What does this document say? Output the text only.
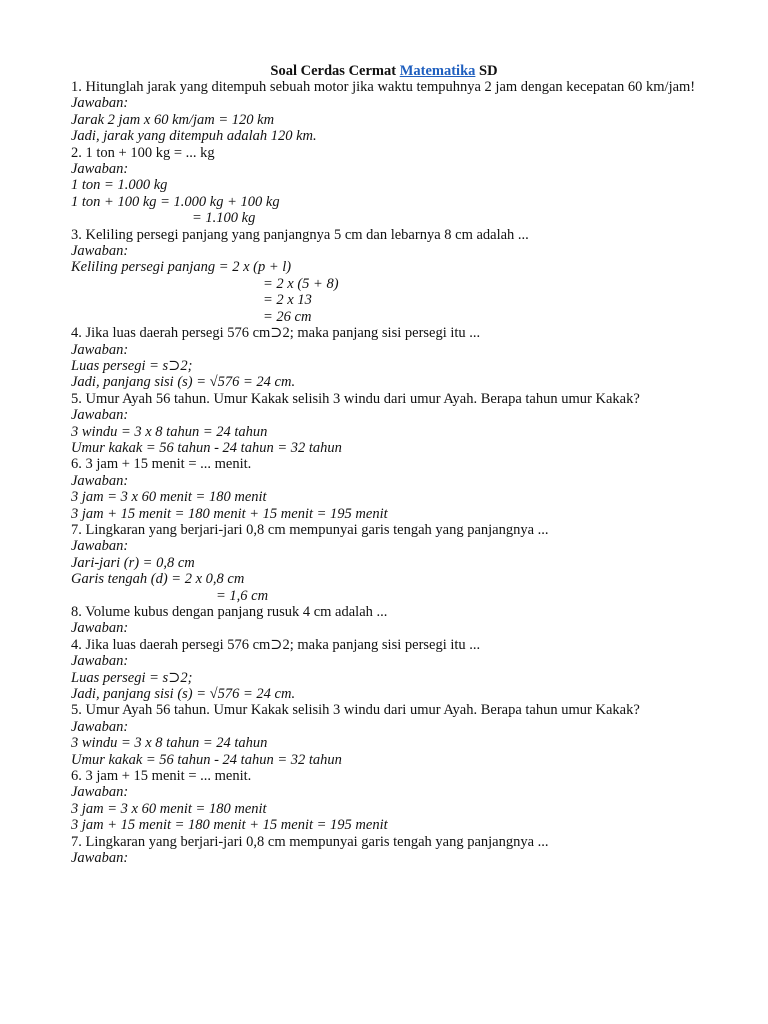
Soal Cerdas Cermat Matematika SD

1. Hitunglah jarak yang ditempuh sebuah motor jika waktu tempuhnya 2 jam dengan kecepatan 60 km/jam!

Jawaban:

Jarak 2 jam x 60 km/jam = 120 km

Jadi, jarak yang ditempuh adalah 120 km.

2. 1 ton + 100 kg = ... kg

Jawaban:

1 ton = 1.000 kg

1 ton + 100 kg = 1.000 kg + 100 kg

= 1.100 kg

3. Keliling persegi panjang yang panjangnya 5 cm dan lebarnya 8 cm adalah ...

Jawaban:

Keliling persegi panjang = 2 x (p + l)

= 2 x (5 + 8)

= 2 x 13

= 26 cm

4. Jika luas daerah persegi 576 cm⊃2; maka panjang sisi persegi itu ...

Jawaban:

Luas persegi = s⊃2;

Jadi, panjang sisi (s) = √576 = 24 cm.

5. Umur Ayah 56 tahun. Umur Kakak selisih 3 windu dari umur Ayah. Berapa tahun umur Kakak?

Jawaban:

3 windu = 3 x 8 tahun = 24 tahun

Umur kakak = 56 tahun - 24 tahun = 32 tahun

6. 3 jam + 15 menit = ... menit.

Jawaban:

3 jam = 3 x 60 menit = 180 menit

3 jam + 15 menit = 180 menit + 15 menit = 195 menit

7. Lingkaran yang berjari-jari 0,8 cm mempunyai garis tengah yang panjangnya ...

Jawaban:

Jari-jari (r) = 0,8 cm

Garis tengah (d) = 2 x 0,8 cm

= 1,6 cm

8. Volume kubus dengan panjang rusuk 4 cm adalah ...

Jawaban:

4. Jika luas daerah persegi 576 cm⊃2; maka panjang sisi persegi itu ...

Jawaban:

Luas persegi = s⊃2;

Jadi, panjang sisi (s) = √576 = 24 cm.

5. Umur Ayah 56 tahun. Umur Kakak selisih 3 windu dari umur Ayah. Berapa tahun umur Kakak?

Jawaban:

3 windu = 3 x 8 tahun = 24 tahun

Umur kakak = 56 tahun - 24 tahun = 32 tahun

6. 3 jam + 15 menit = ... menit.

Jawaban:

3 jam = 3 x 60 menit = 180 menit

3 jam + 15 menit = 180 menit + 15 menit = 195 menit

7. Lingkaran yang berjari-jari 0,8 cm mempunyai garis tengah yang panjangnya ...

Jawaban:
